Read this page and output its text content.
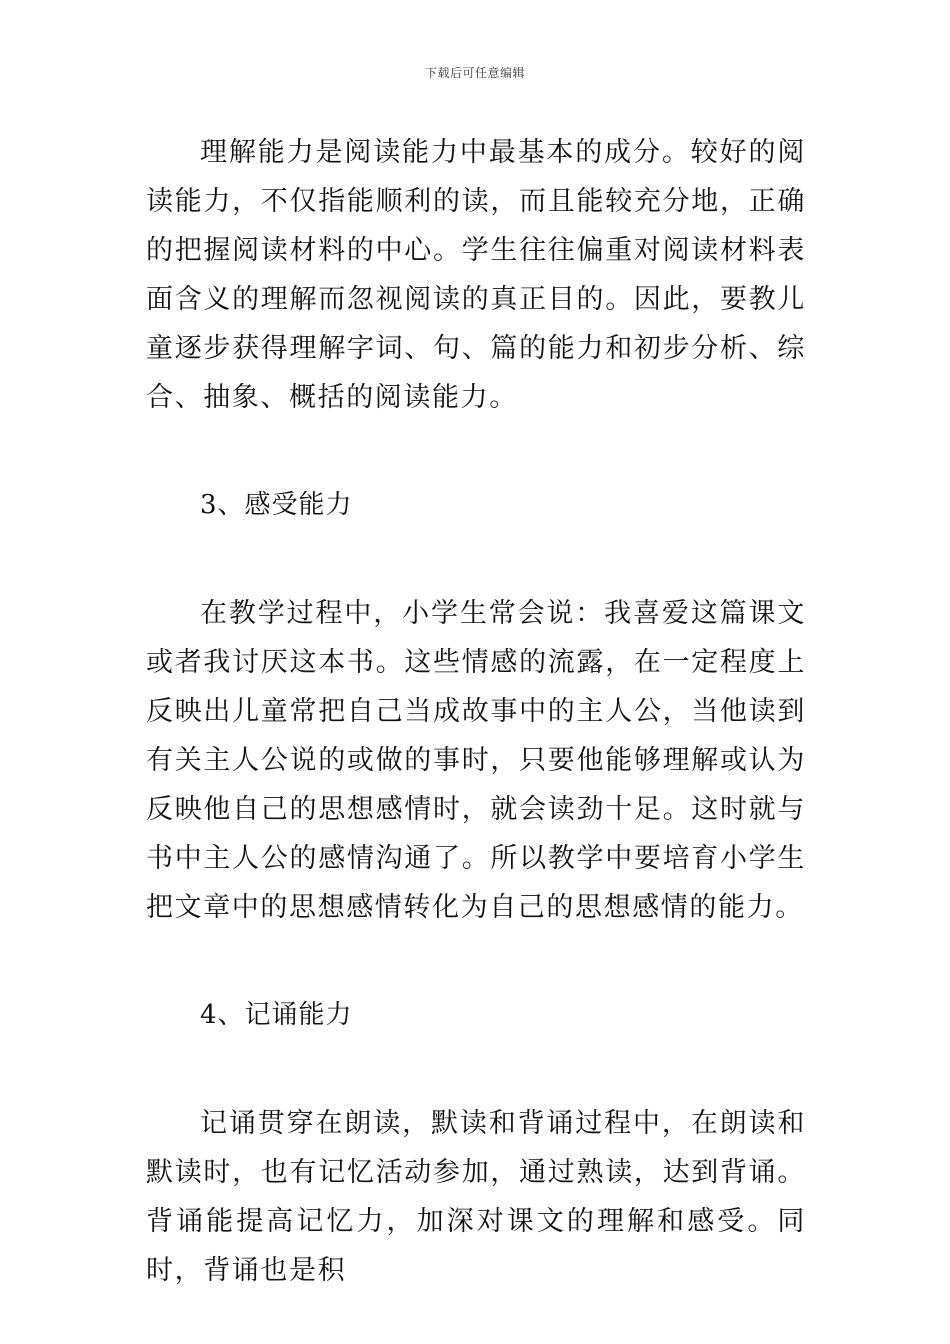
下载后可任意编辑

理解能力是阅读能力中最基本的成分。较好的阅读能力，不仅指能顺利的读，而且能较充分地，正确的把握阅读材料的中心。学生往往偏重对阅读材料表面含义的理解而忽视阅读的真正目的。因此，要教儿童逐步获得理解字词、句、篇的能力和初步分析、综合、抽象、概括的阅读能力。

3、感受能力

在教学过程中，小学生常会说：我喜爱这篇课文或者我讨厌这本书。这些情感的流露，在一定程度上反映出儿童常把自己当成故事中的主人公，当他读到有关主人公说的或做的事时，只要他能够理解或认为反映他自己的思想感情时，就会读劲十足。这时就与书中主人公的感情沟通了。所以教学中要培育小学生把文章中的思想感情转化为自己的思想感情的能力。

4、记诵能力

记诵贯穿在朗读，默读和背诵过程中，在朗读和默读时，也有记忆活动参加，通过熟读，达到背诵。背诵能提高记忆力，加深对课文的理解和感受。同时，背诵也是积
